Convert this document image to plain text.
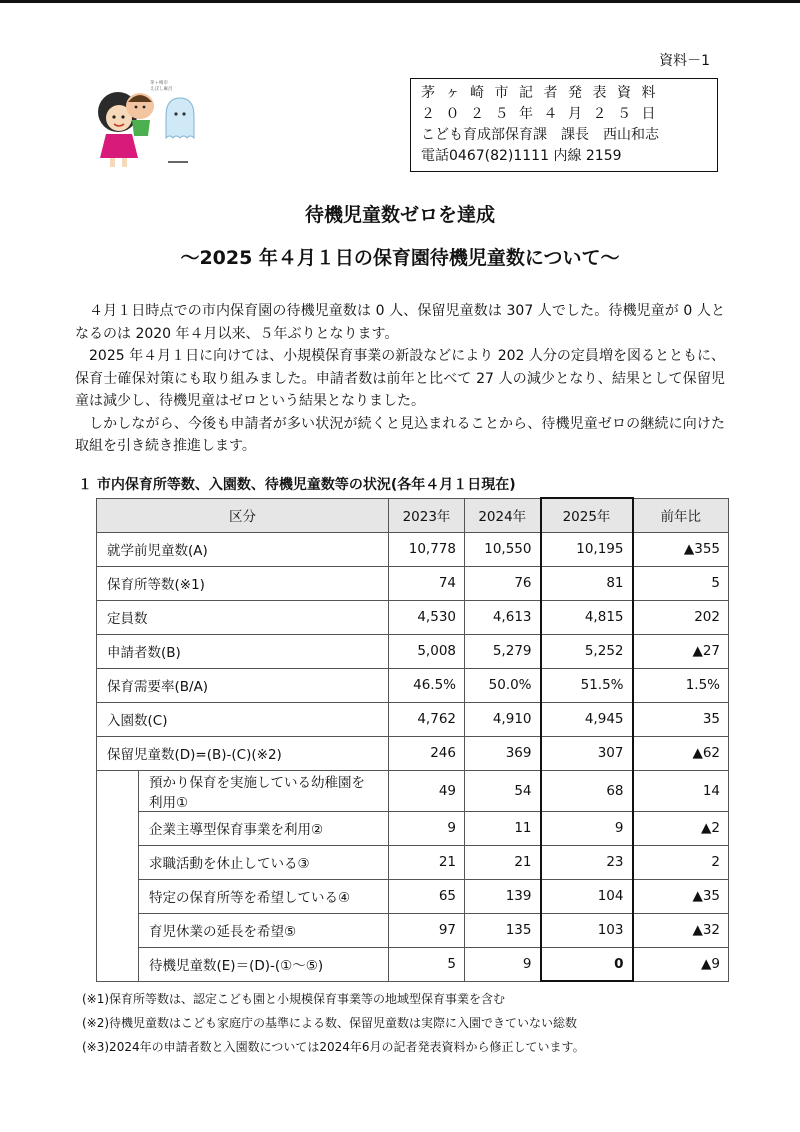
資料－1
茅ヶ崎市
えぼし麻呂	茅ヶ崎市記者発表資料
２０２５年４月２５日
こども育成部保育課　課長　西山和志
電話0467(82)1111 内線 2159
待機児童数ゼロを達成
～2025 年４月１日の保育園待機児童数について～

４月１日時点での市内保育園の待機児童数は 0 人、保留児童数は 307 人でした。待機児童が 0 人となるのは 2020 年４月以来、５年ぶりとなります。

2025 年４月１日に向けては、小規模保育事業の新設などにより 202 人分の定員増を図るとともに、保育士確保対策にも取り組みました。申請者数は前年と比べて 27 人の減少となり、結果として保留児童は減少し、待機児童はゼロという結果となりました。

しかしながら、今後も申請者が多い状況が続くと見込まれることから、待機児童ゼロの継続に向けた取組を引き続き推進します。

１ 市内保育所等数、入園数、待機児童数等の状況(各年４月１日現在)
区分		2023年	2024年	2025年	前年比
就学前児童数(A)		10,778	10,550	10,195	▲355
保育所等数(※1)		74	76	81	5
定員数		4,530	4,613	4,815	202
申請者数(B)		5,008	5,279	5,252	▲27
保育需要率(B/A)		46.5%	50.0%	51.5%	1.5%
入園数(C)		4,762	4,910	4,945	35
保留児童数(D)=(B)-(C)(※2)		246	369	307	▲62
	預かり保育を実施している幼稚園を利用①	49	54	68	14
	企業主導型保育事業を利用②	9	11	9	▲2
	求職活動を休止している③	21	21	23	2
	特定の保育所等を希望している④	65	139	104	▲35
	育児休業の延長を希望⑤	97	135	103	▲32
	待機児童数(E)＝(D)-(①～⑤)	5	9	0	▲9
(※1)保育所等数は、認定こども園と小規模保育事業等の地域型保育事業を含む
(※2)待機児童数はこども家庭庁の基準による数、保留児童数は実際に入園できていない総数
(※3)2024年の申請者数と入園数については2024年6月の記者発表資料から修正しています。
